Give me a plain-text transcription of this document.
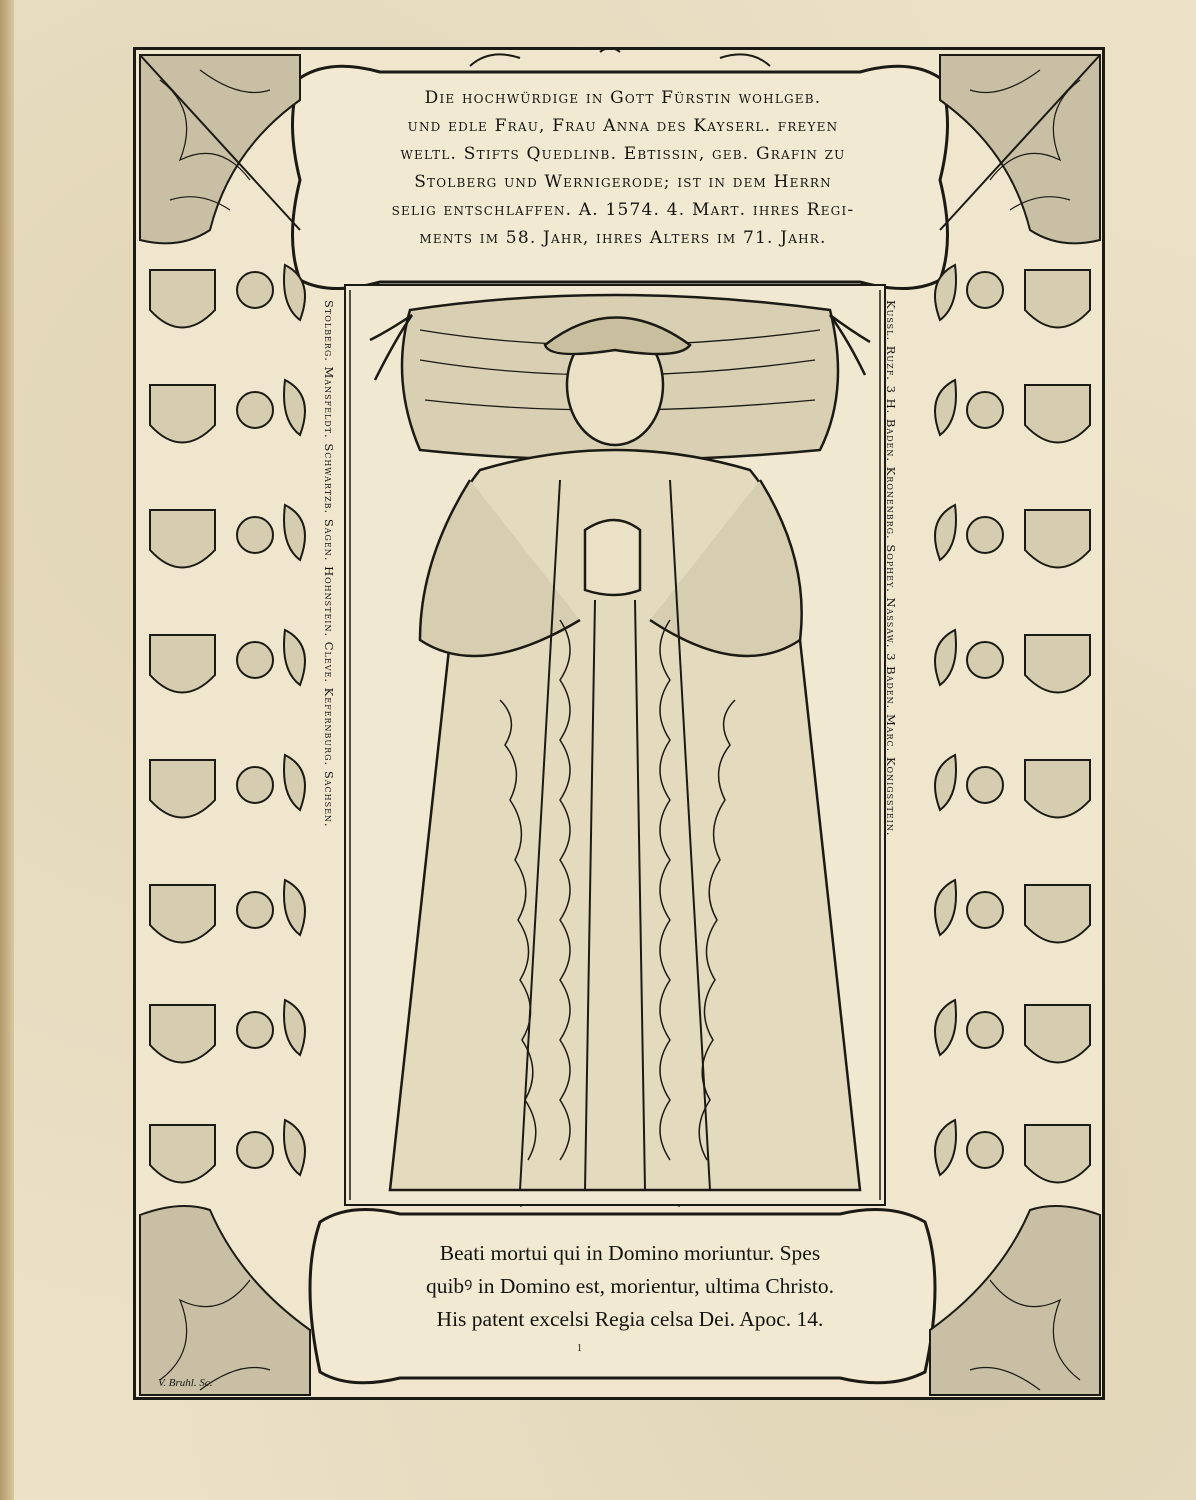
Die hochwürdige in Gott Fürstin wohlgeb.
und edle Frau, Frau Anna des Kayserl. freyen
weltl. Stifts Quedlinb. Ebtissin, geb. Grafin zu
Stolberg und Wernigerode; ist in dem Herrn
selig entschlaffen. A. 1574. 4. Mart. ihres Regi-
ments im 58. Jahr, ihres Alters im 71. Jahr.
Beati mortui qui in Domino moriuntur. Spes
quibꝰ in Domino est, morientur, ultima Christo.
His patent excelsi Regia celsa Dei. Apoc. 14.
Stolberg. Mansfeldt. Schwartzb. Sagen. Hohnstein. Cleve. Kefernburg. Sachsen.	Kussl. Ruzf. 3 H. Baden. Kronenbrg. Sophey. Nassaw. 3 Baden. Marc. Konigsstein.
1
V. Bruhl. Sc.
